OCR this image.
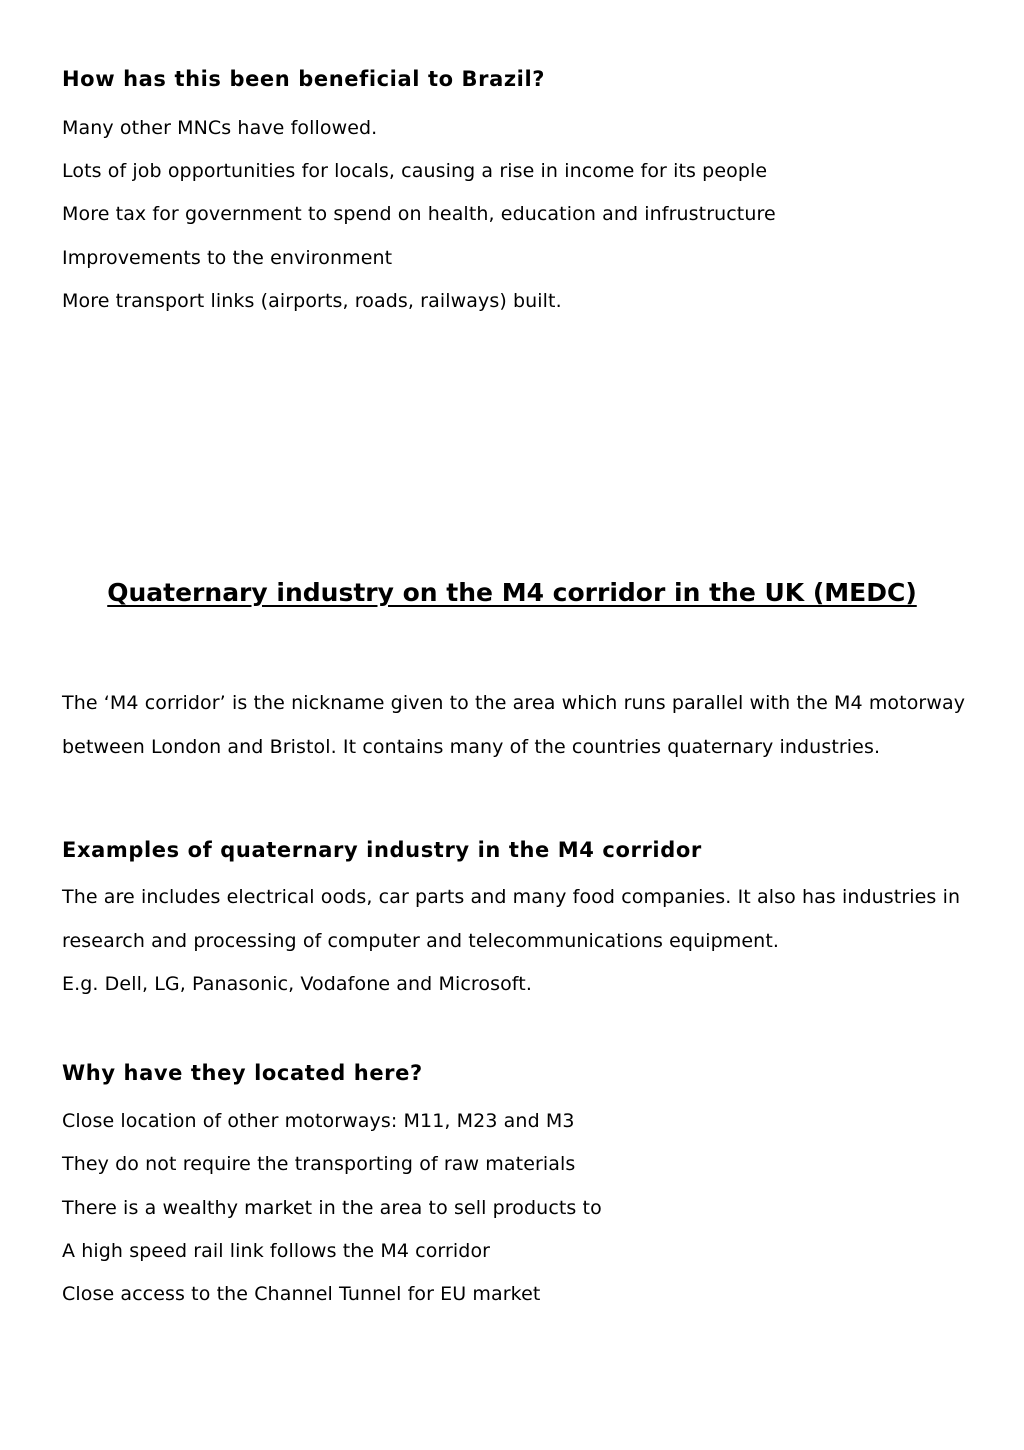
How has this been beneficial to Brazil?
Many other MNCs have followed.
Lots of job opportunities for locals, causing a rise in income for its people
More tax for government to spend on health, education and infrustructure
Improvements to the environment
More transport links (airports, roads, railways) built.
Quaternary industry on the M4 corridor in the UK (MEDC)
The ‘M4 corridor’ is the nickname given to the area which runs parallel with the M4 motorway
between London and Bristol. It contains many of the countries quaternary industries.
Examples of quaternary industry in the M4 corridor
The are includes electrical oods, car parts and many food companies. It also has industries in
research and processing of computer and telecommunications equipment.
E.g. Dell, LG, Panasonic, Vodafone and Microsoft.
Why have they located here?
Close location of other motorways: M11, M23 and M3
They do not require the transporting of raw materials
There is a wealthy market in the area to sell products to
A high speed rail link follows the M4 corridor
Close access to the Channel Tunnel for EU market
